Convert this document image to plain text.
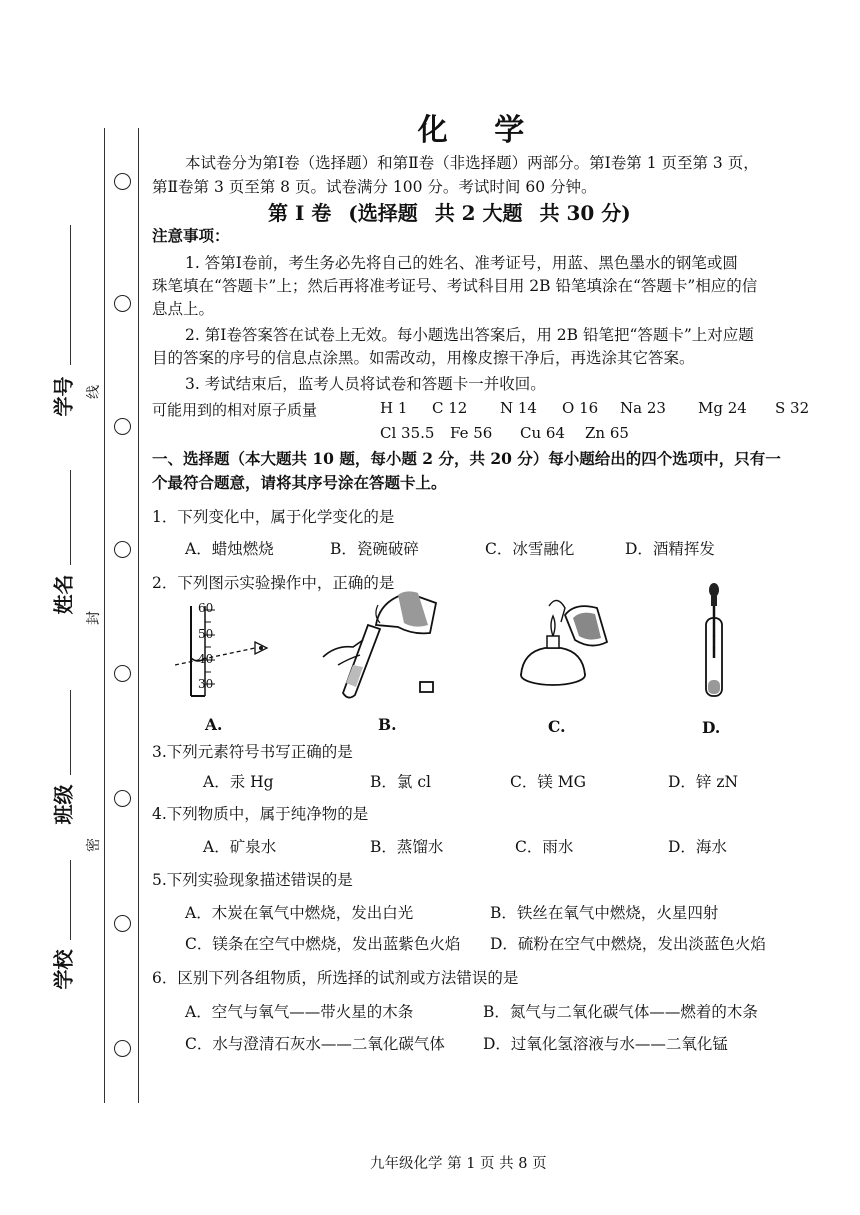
学校
班级
姓名
学号
密
封
线
化 学
本试卷分为第Ⅰ卷（选择题）和第Ⅱ卷（非选择题）两部分。第Ⅰ卷第 1 页至第 3 页，
第Ⅱ卷第 3 页至第 8 页。试卷满分 100 分。考试时间 60 分钟。
第 Ⅰ 卷 (选择题 共 2 大题 共 30 分)
注意事项：
1. 答第Ⅰ卷前，考生务必先将自己的姓名、准考证号，用蓝、黑色墨水的钢笔或圆
珠笔填在“答题卡”上；然后再将准考证号、考试科目用 2B 铅笔填涂在“答题卡”相应的信
息点上。
2. 第Ⅰ卷答案答在试卷上无效。每小题选出答案后，用 2B 铅笔把“答题卡”上对应题
目的答案的序号的信息点涂黑。如需改动，用橡皮擦干净后，再选涂其它答案。
3. 考试结束后，监考人员将试卷和答题卡一并收回。
可能用到的相对原子质量	H 1 C 12 N 14 O 16 Na 23 Mg 24 S 32
Cl 35.5 Fe 56 Cu 64 Zn 65
一、选择题（本大题共 10 题，每小题 2 分，共 20 分）每小题给出的四个选项中，只有一
个最符合题意，请将其序号涂在答题卡上。
1．下列变化中，属于化学变化的是
A．蜡烛燃烧	B．瓷碗破碎	C．冰雪融化	D．酒精挥发
2．下列图示实验操作中，正确的是
60
50
40
30
A.	B.	C.	D.
3.下列元素符号书写正确的是
A．汞 Hg	B．氯 cl	C．镁 MG	D．锌 zN
4.下列物质中，属于纯净物的是
A．矿泉水	B．蒸馏水	C．雨水	D．海水
5.下列实验现象描述错误的是
A．木炭在氧气中燃烧，发出白光	B．铁丝在氧气中燃烧，火星四射
C．镁条在空气中燃烧，发出蓝紫色火焰 D．硫粉在空气中燃烧，发出淡蓝色火焰
6．区别下列各组物质，所选择的试剂或方法错误的是
A．空气与氧气——带火星的木条	B．氮气与二氧化碳气体——燃着的木条
C．水与澄清石灰水——二氧化碳气体 D．过氧化氢溶液与水——二氧化锰
九年级化学 第 1 页 共 8 页
